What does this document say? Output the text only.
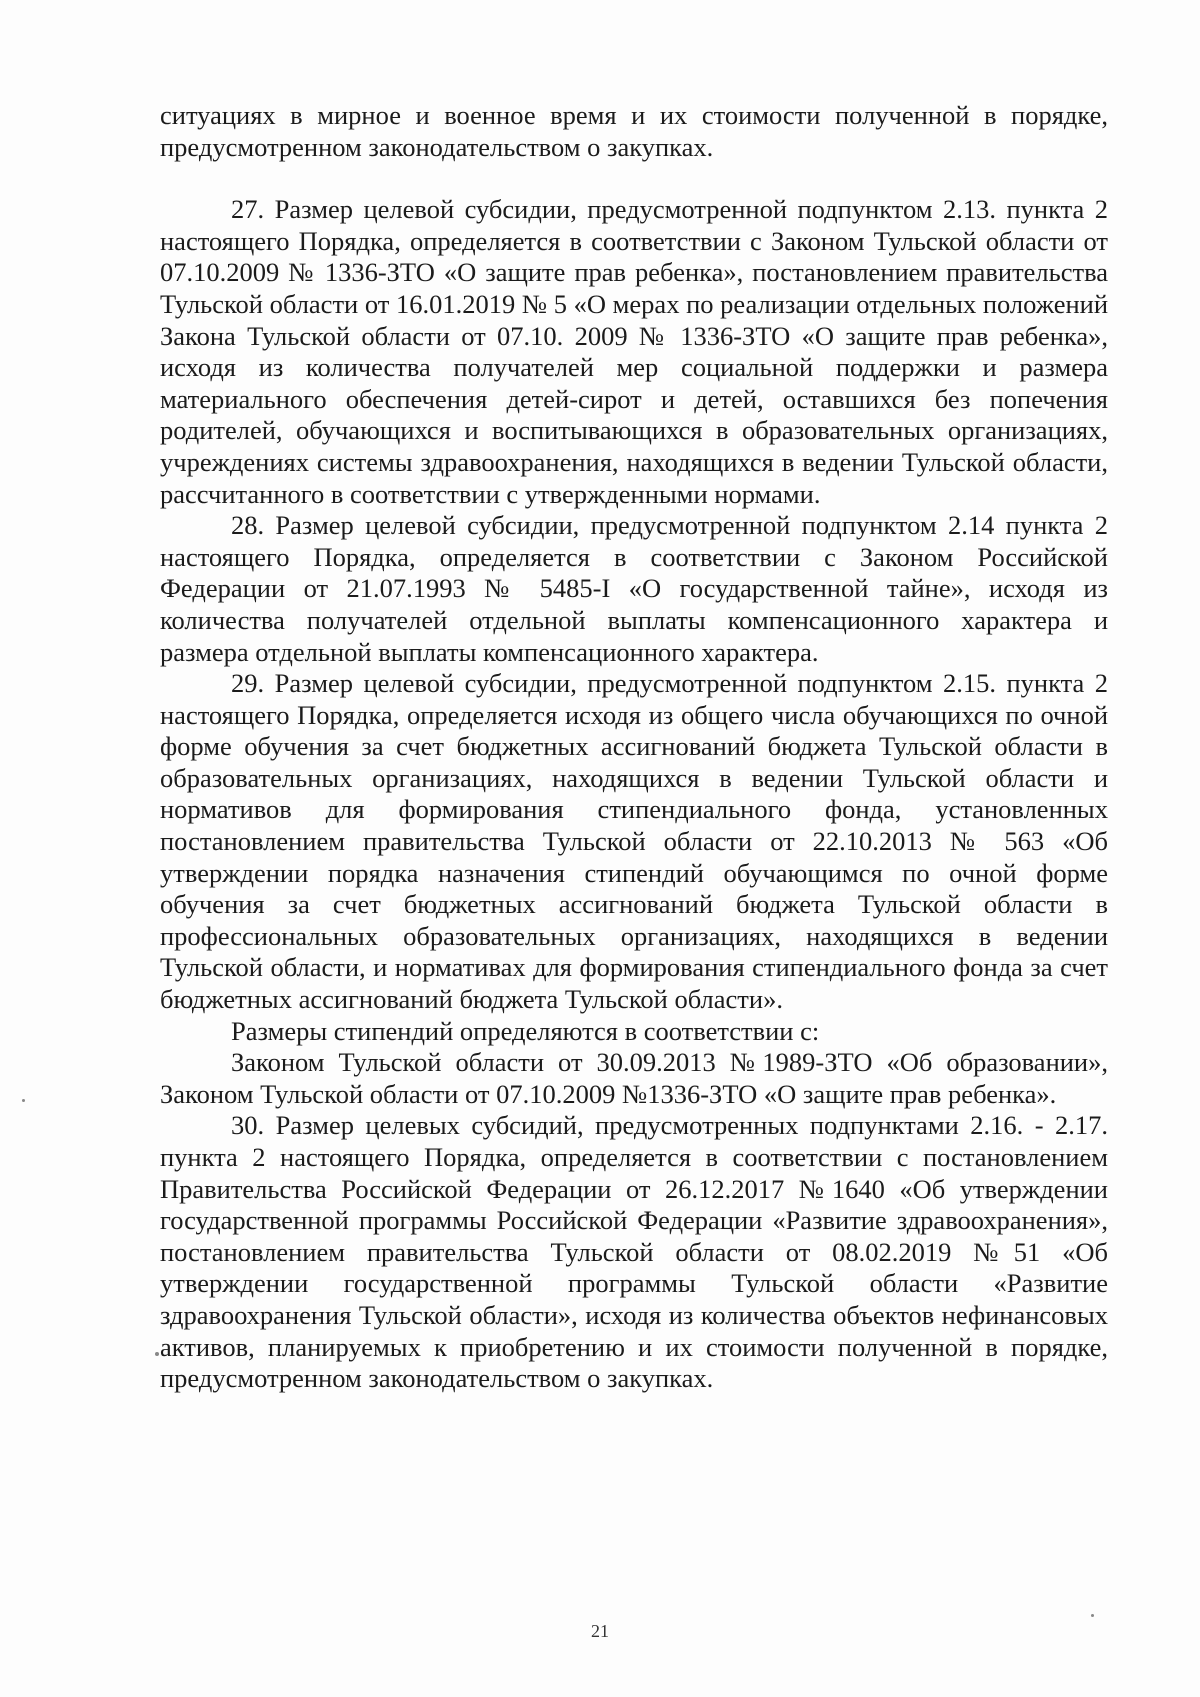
ситуациях в мирное и военное время и их стоимости полученной в порядке, предусмотренном законодательством о закупках.

27. Размер целевой субсидии, предусмотренной подпунктом 2.13. пункта 2 настоящего Порядка, определяется в соответствии с Законом Тульской области от 07.10.2009 № 1336-ЗТО «О защите прав ребенка», постановлением правительства Тульской области от 16.01.2019 № 5 «О мерах по реализации отдельных положений Закона Тульской области от 07.10. 2009 № 1336-ЗТО «О защите прав ребенка», исходя из количества получателей мер социальной поддержки и размера материального обеспечения детей-сирот и детей, оставшихся без попечения родителей, обучающихся и воспитывающихся в образовательных организациях, учреждениях системы здравоохранения, находящихся в ведении Тульской области, рассчитанного в соответствии с утвержденными нормами.

28. Размер целевой субсидии, предусмотренной подпунктом 2.14 пункта 2 настоящего Порядка, определяется в соответствии с Законом Российской Федерации от 21.07.1993 № 5485-I «О государственной тайне», исходя из количества получателей отдельной выплаты компенсационного характера и размера отдельной выплаты компенсационного характера.

29. Размер целевой субсидии, предусмотренной подпунктом 2.15. пункта 2 настоящего Порядка, определяется исходя из общего числа обучающихся по очной форме обучения за счет бюджетных ассигнований бюджета Тульской области в образовательных организациях, находящихся в ведении Тульской области и нормативов для формирования стипендиального фонда, установленных постановлением правительства Тульской области от 22.10.2013 № 563 «Об утверждении порядка назначения стипендий обучающимся по очной форме обучения за счет бюджетных ассигнований бюджета Тульской области в профессиональных образовательных организациях, находящихся в ведении Тульской области, и нормативах для формирования стипендиального фонда за счет бюджетных ассигнований бюджета Тульской области».

Размеры стипендий определяются в соответствии с:

Законом Тульской области от 30.09.2013 №1989-ЗТО «Об образовании», Законом Тульской области от 07.10.2009 №1336-ЗТО «О защите прав ребенка».

30. Размер целевых субсидий, предусмотренных подпунктами 2.16. - 2.17. пункта 2 настоящего Порядка, определяется в соответствии с постановлением Правительства Российской Федерации от 26.12.2017 №1640 «Об утверждении государственной программы Российской Федерации «Развитие здравоохранения», постановлением правительства Тульской области от 08.02.2019 №51 «Об утверждении государственной программы Тульской области «Развитие здравоохранения Тульской области», исходя из количества объектов нефинансовых активов, планируемых к приобретению и их стоимости полученной в порядке, предусмотренном законодательством о закупках.

21
